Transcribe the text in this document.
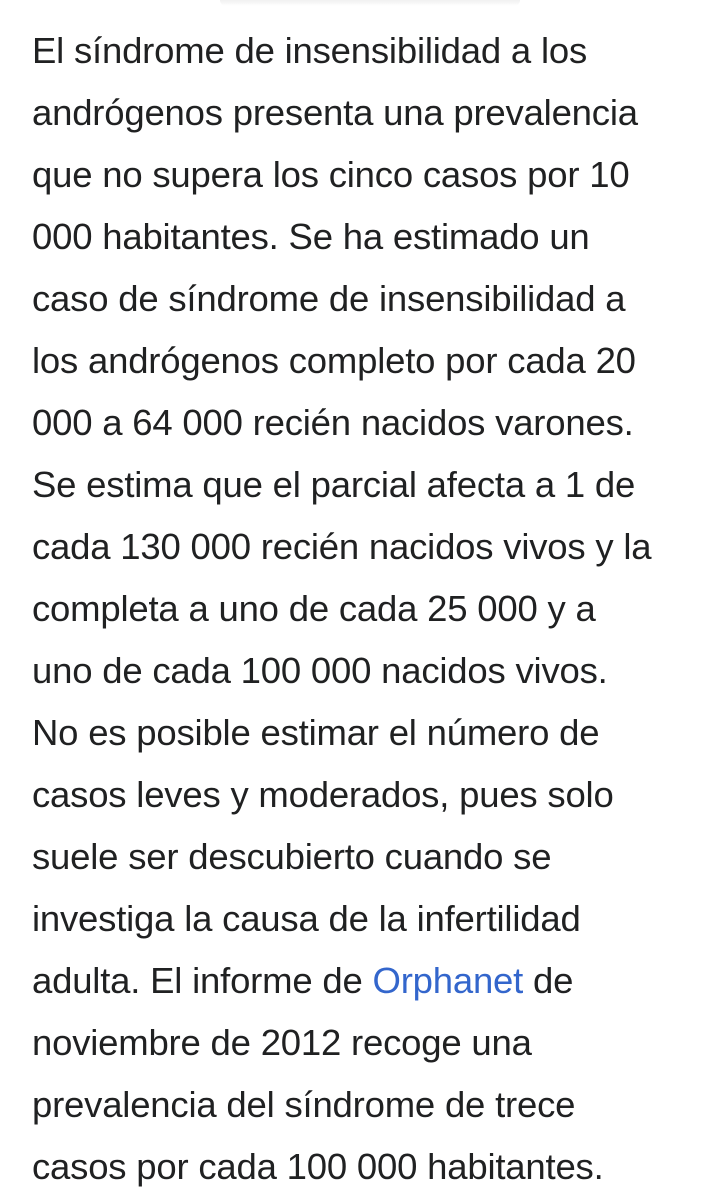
El síndrome de insensibilidad a los
andrógenos presenta una prevalencia
que no supera los cinco casos por 10
000 habitantes. Se ha estimado un
caso de síndrome de insensibilidad a
los andrógenos completo por cada 20
000 a 64 000 recién nacidos varones.
Se estima que el parcial afecta a 1 de
cada 130 000 recién nacidos vivos y la
completa a uno de cada 25 000 y a
uno de cada 100 000 nacidos vivos.
No es posible estimar el número de
casos leves y moderados, pues solo
suele ser descubierto cuando se
investiga la causa de la infertilidad
adulta. El informe de Orphanet de
noviembre de 2012 recoge una
prevalencia del síndrome de trece
casos por cada 100 000 habitantes.
